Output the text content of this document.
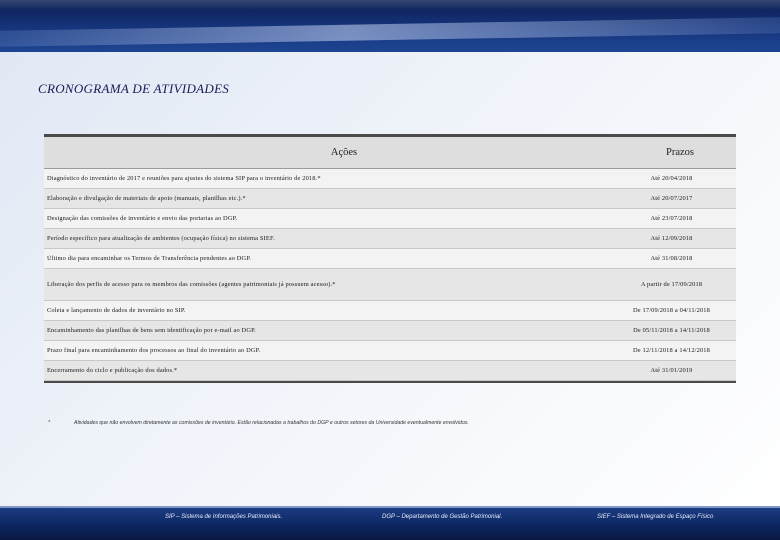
CRONOGRAMA DE ATIVIDADES
Ações	Prazos
Diagnóstico do inventário de 2017 e reuniões para ajustes do sistema SIP para o inventário de 2018.*	Até 20/04/2018
Elaboração e divulgação de materiais de apoio (manuais, planilhas etc.).*	Até 20/07/2017
Designação das comissões de inventário e envio das portarias ao DGP.	Até 23/07/2018
Período específico para atualização de ambientes (ocupação física) no sistema SIEF.	Até 12/09/2018
Último dia para encaminhar os Termos de Transferência pendentes ao DGP.	Até 31/08/2018
Liberação dos perfis de acesso para os membros das comissões (agentes patrimoniais já possuem acesso).*	A partir de 17/09/2018
Coleta e lançamento de dados de inventário no SIP.	De 17/09/2018 a 04/11/2018
Encaminhamento das planilhas de bens sem identificação por e-mail ao DGP.	De 05/11/2018 a 14/11/2018
Prazo final para encaminhamento dos processos ao final do inventário ao DGP.	De 12/11/2018 a 14/12/2018
Encerramento do ciclo e publicação dos dados.*	Até 31/01/2019
*	Atividades que não envolvem diretamente as comissões de inventário. Estão relacionadas a trabalhos do DGP e outros setores da Universidade eventualmente envolvidos.
SIP – Sistema de Informações Patrimoniais.	DGP – Departamento de Gestão Patrimonial.	SIEF – Sistema Integrado de Espaço Físico
